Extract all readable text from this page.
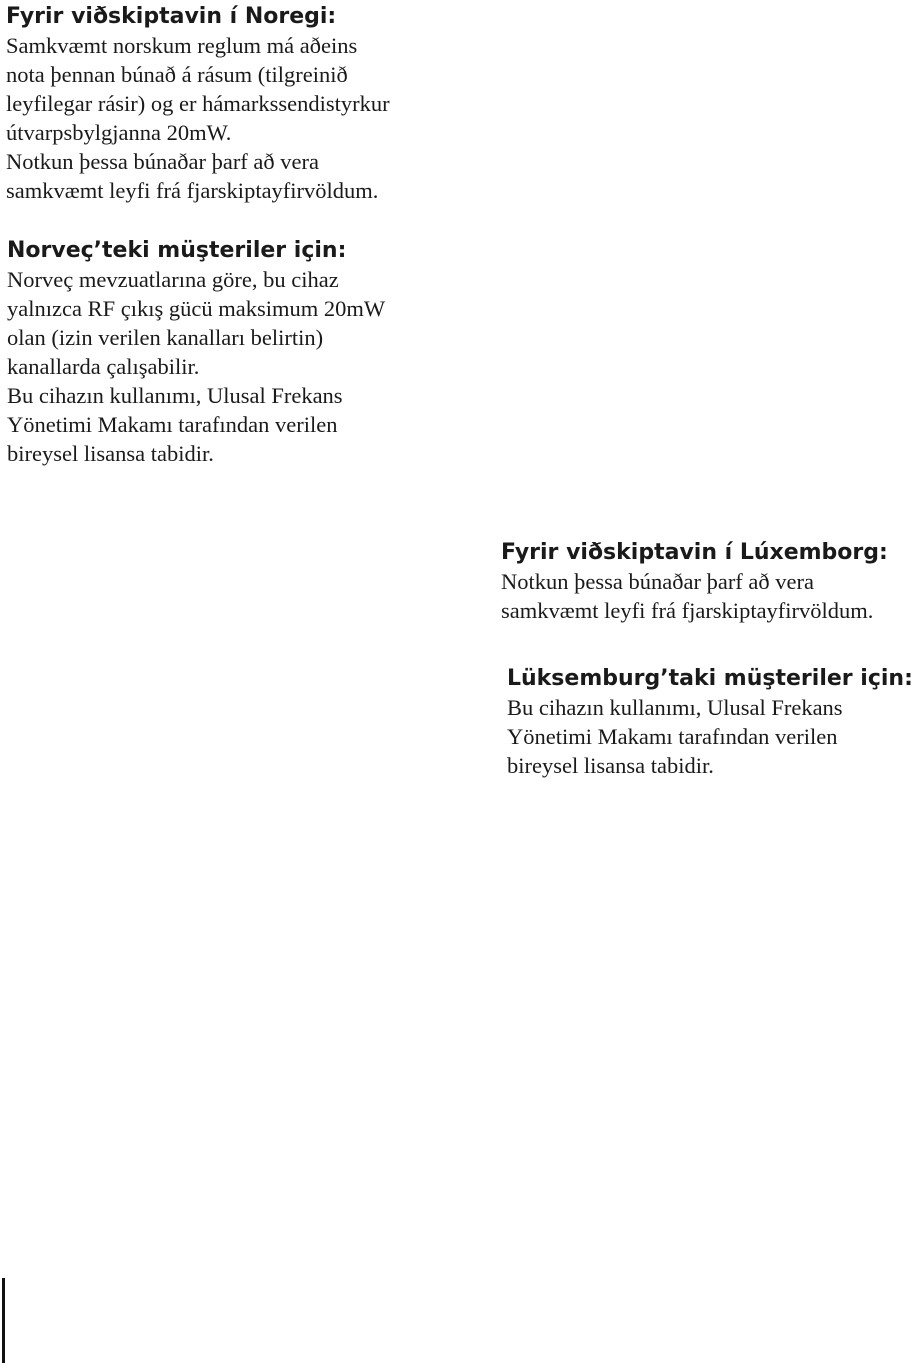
Fyrir viðskiptavin í Noregi:

Samkvæmt norskum reglum má aðeins
nota þennan búnað á rásum (tilgreinið
leyfilegar rásir) og er hámarkssendistyrkur
útvarpsbylgjanna 20mW.
Notkun þessa búnaðar þarf að vera
samkvæmt leyfi frá fjarskiptayfirvöldum.

Norveç’teki müşteriler için:

Norveç mevzuatlarına göre, bu cihaz
yalnızca RF çıkış gücü maksimum 20mW
olan (izin verilen kanalları belirtin)
kanallarda çalışabilir.
Bu cihazın kullanımı, Ulusal Frekans
Yönetimi Makamı tarafından verilen
bireysel lisansa tabidir.

Fyrir viðskiptavin í Lúxemborg:

Notkun þessa búnaðar þarf að vera
samkvæmt leyfi frá fjarskiptayfirvöldum.

Lüksemburg’taki müşteriler için:

Bu cihazın kullanımı, Ulusal Frekans
Yönetimi Makamı tarafından verilen
bireysel lisansa tabidir.
